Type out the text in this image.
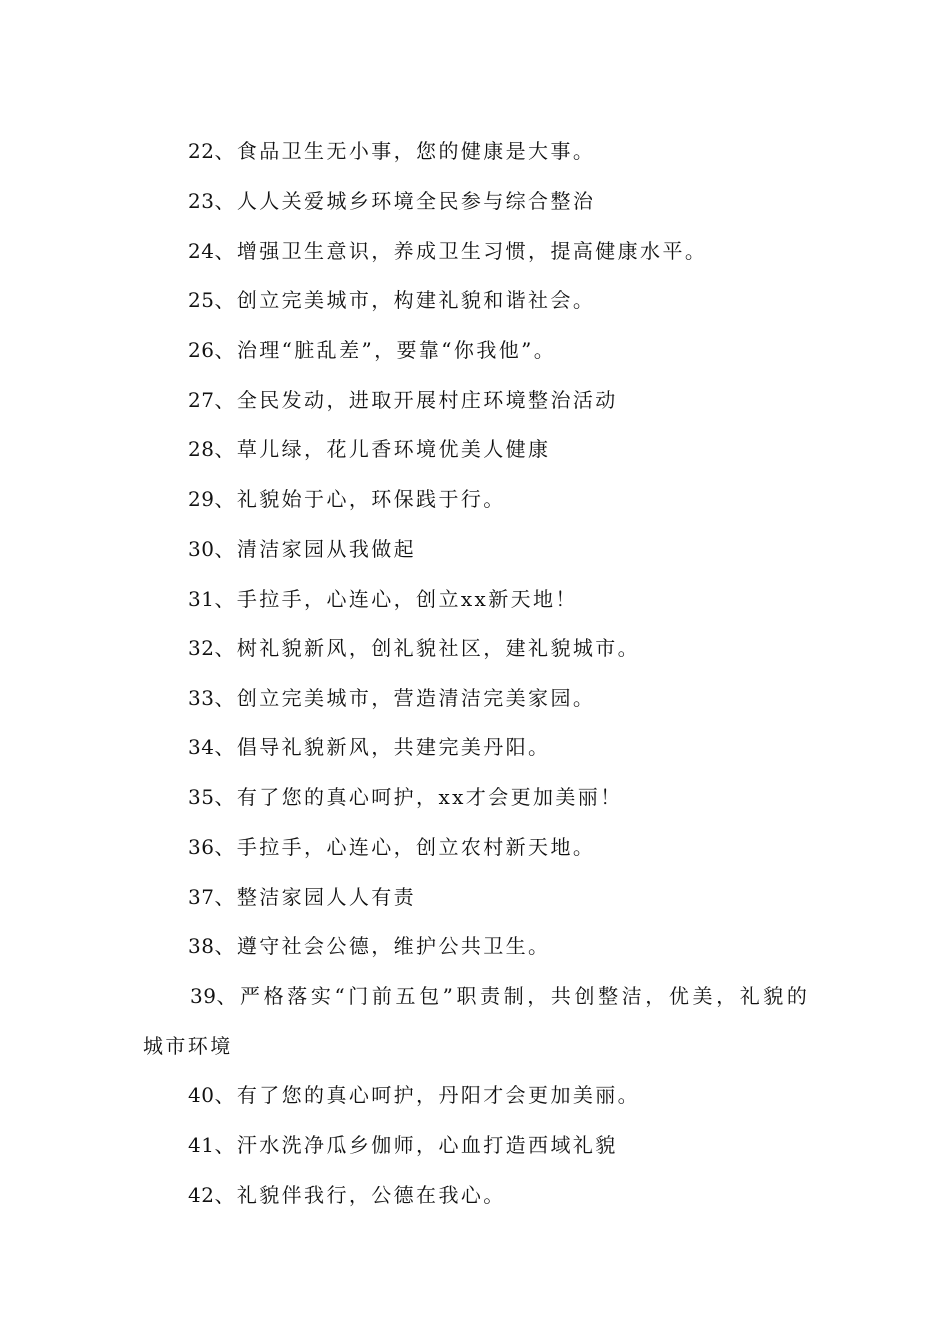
22、食品卫生无小事，您的健康是大事。
23、人人关爱城乡环境全民参与综合整治
24、增强卫生意识，养成卫生习惯，提高健康水平。
25、创立完美城市，构建礼貌和谐社会。
26、治理“脏乱差”，要靠“你我他”。
27、全民发动，进取开展村庄环境整治活动
28、草儿绿，花儿香环境优美人健康
29、礼貌始于心，环保践于行。
30、清洁家园从我做起
31、手拉手，心连心，创立xx新天地！
32、树礼貌新风，创礼貌社区，建礼貌城市。
33、创立完美城市，营造清洁完美家园。
34、倡导礼貌新风，共建完美丹阳。
35、有了您的真心呵护，xx才会更加美丽！
36、手拉手，心连心，创立农村新天地。
37、整洁家园人人有责
38、遵守社会公德，维护公共卫生。
39、严格落实“门前五包”职责制，共创整洁，优美，礼貌的
城市环境
40、有了您的真心呵护，丹阳才会更加美丽。
41、汗水洗净瓜乡伽师，心血打造西域礼貌
42、礼貌伴我行，公德在我心。
